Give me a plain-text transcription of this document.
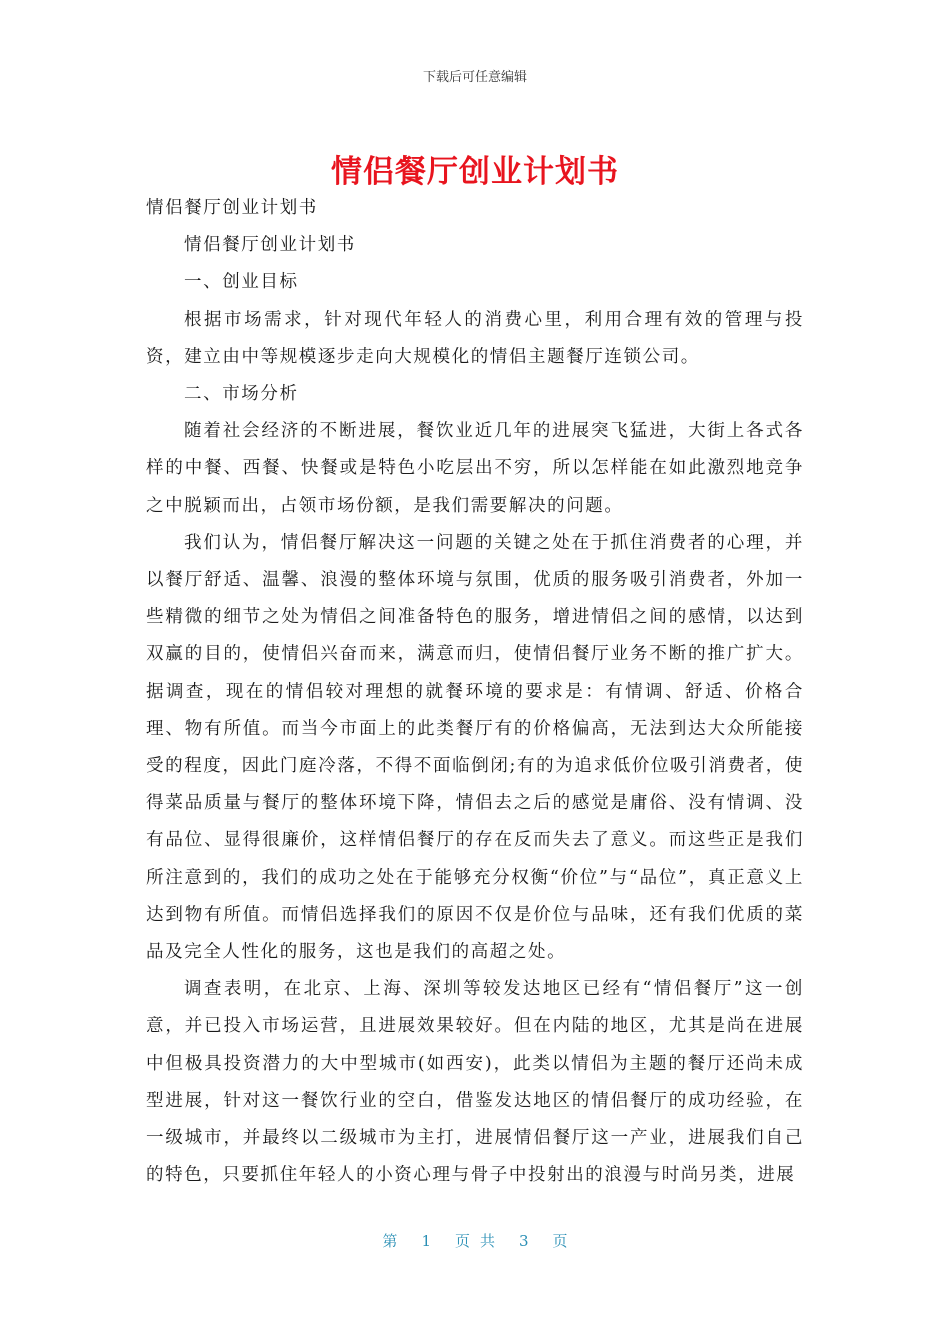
下载后可任意编辑
情侣餐厅创业计划书

情侣餐厅创业计划书

情侣餐厅创业计划书

一、创业目标

根据市场需求，针对现代年轻人的消费心里，利用合理有效的管理与投资，建立由中等规模逐步走向大规模化的情侣主题餐厅连锁公司。

二、市场分析

随着社会经济的不断进展，餐饮业近几年的进展突飞猛进，大街上各式各样的中餐、西餐、快餐或是特色小吃层出不穷，所以怎样能在如此激烈地竞争之中脱颖而出，占领市场份额，是我们需要解决的问题。

我们认为，情侣餐厅解决这一问题的关键之处在于抓住消费者的心理，并以餐厅舒适、温馨、浪漫的整体环境与氛围，优质的服务吸引消费者，外加一些精微的细节之处为情侣之间准备特色的服务，增进情侣之间的感情，以达到双赢的目的，使情侣兴奋而来，满意而归，使情侣餐厅业务不断的推广扩大。据调查，现在的情侣较对理想的就餐环境的要求是：有情调、舒适、价格合理、物有所值。而当今市面上的此类餐厅有的价格偏高，无法到达大众所能接受的程度，因此门庭冷落，不得不面临倒闭;有的为追求低价位吸引消费者，使得菜品质量与餐厅的整体环境下降，情侣去之后的感觉是庸俗、没有情调、没有品位、显得很廉价，这样情侣餐厅的存在反而失去了意义。而这些正是我们所注意到的，我们的成功之处在于能够充分权衡“价位”与“品位”，真正意义上达到物有所值。而情侣选择我们的原因不仅是价位与品味，还有我们优质的菜品及完全人性化的服务，这也是我们的高超之处。

调查表明，在北京、上海、深圳等较发达地区已经有“情侣餐厅”这一创意，并已投入市场运营，且进展效果较好。但在内陆的地区，尤其是尚在进展中但极具投资潜力的大中型城市(如西安)，此类以情侣为主题的餐厅还尚未成型进展，针对这一餐饮行业的空白，借鉴发达地区的情侣餐厅的成功经验，在一级城市，并最终以二级城市为主打，进展情侣餐厅这一产业，进展我们自己的特色，只要抓住年轻人的小资心理与骨子中投射出的浪漫与时尚另类，进展

第 1 页共 3 页
